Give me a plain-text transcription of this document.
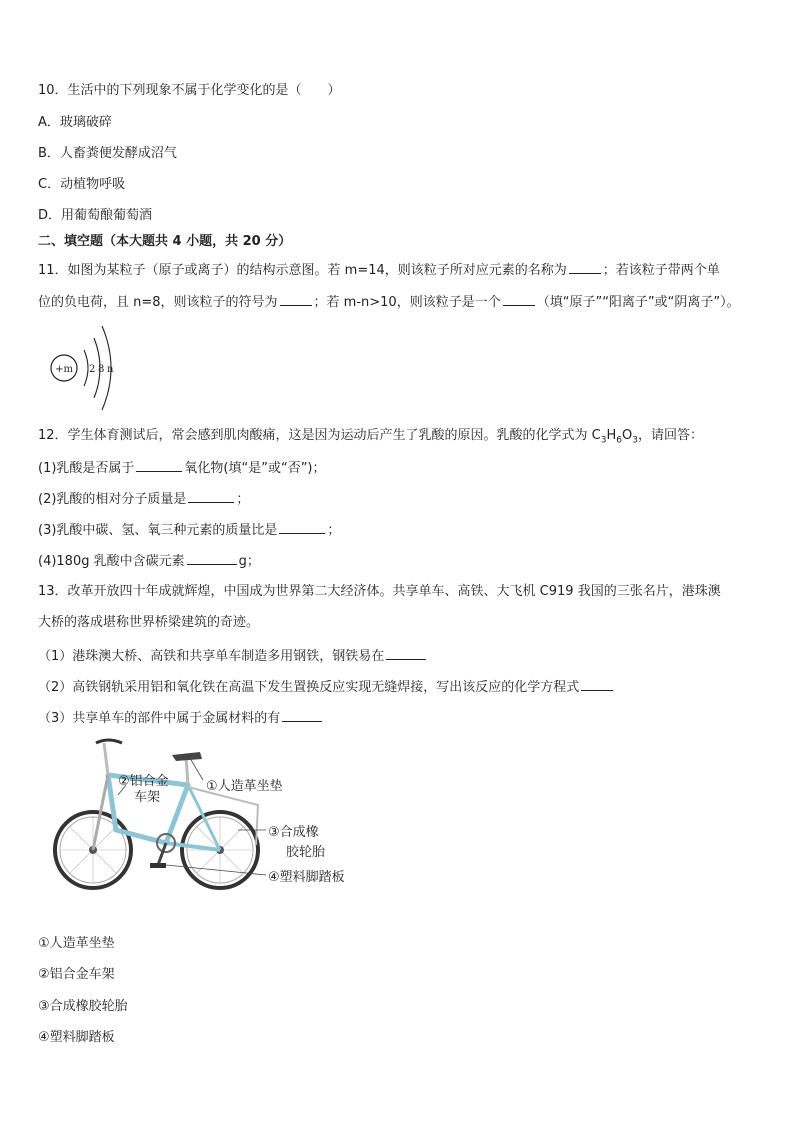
10．生活中的下列现象不属于化学变化的是（　　）
A．玻璃破碎
B．人畜粪便发酵成沼气
C．动植物呼吸
D．用葡萄酿葡萄酒
二、填空题（本大题共 4 小题，共 20 分）
11．如图为某粒子（原子或离子）的结构示意图。若 m=14，则该粒子所对应元素的名称为	；若该粒子带两个单
位的负电荷，且 n=8，则该粒子的符号为	；若 m-n>10，则该粒子是一个	（填“原子”“阳离子”或“阴离子”）。
+m 2 8 n
12．学生体育测试后，常会感到肌肉酸痛，这是因为运动后产生了乳酸的原因。乳酸的化学式为 $C_3H_6O_3$，请回答：
(1)乳酸是否属于	氧化物(填“是”或“否”)；
(2)乳酸的相对分子质量是	；
(3)乳酸中碳、氢、氧三种元素的质量比是	；
(4)180g 乳酸中含碳元素	g；
13．改革开放四十年成就辉煌，中国成为世界第二大经济体。共享单车、高铁、大飞机 C919 我国的三张名片，港珠澳
大桥的落成堪称世界桥梁建筑的奇迹。
（1）港珠澳大桥、高铁和共享单车制造多用钢铁，钢铁易在
（2）高铁钢轨采用铝和氧化铁在高温下发生置换反应实现无缝焊接，写出该反应的化学方程式
（3）共享单车的部件中属于金属材料的有
①人造革坐垫
②铝合金
车架
③合成橡
胶轮胎
④塑料脚踏板
①人造革坐垫
②铝合金车架
③合成橡胶轮胎
④塑料脚踏板
